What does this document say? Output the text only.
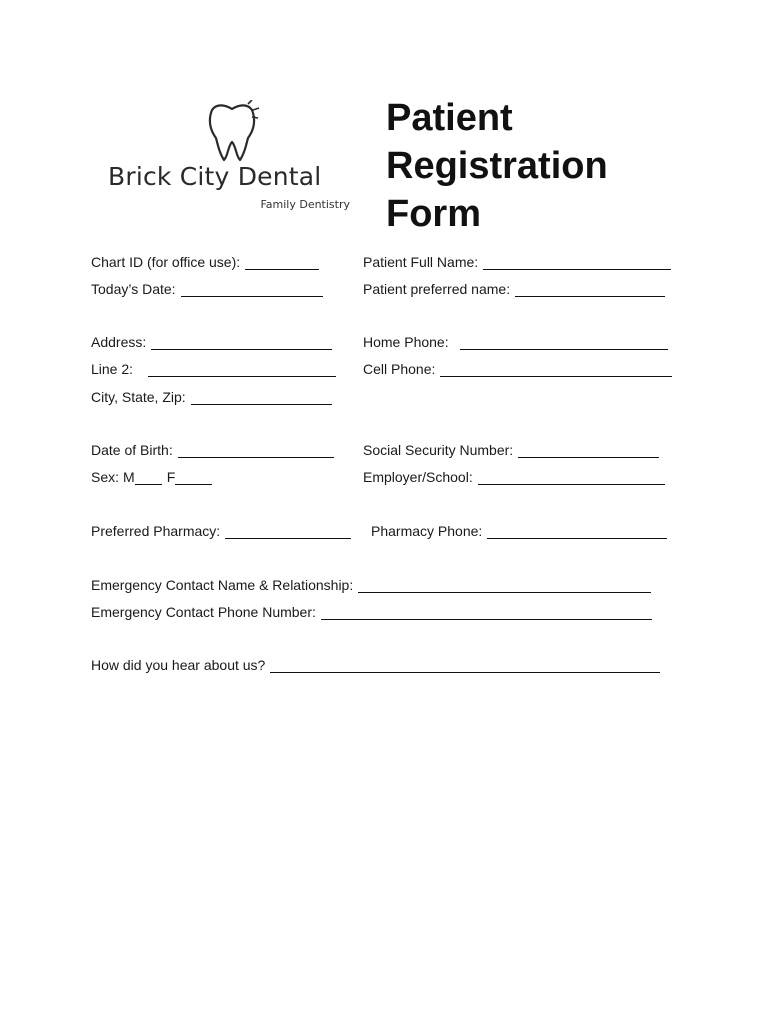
Brick City Dental
Family Dentistry
Patient
Registration
Form
Chart ID (for office use):	Patient Full Name:
Today’s Date:	Patient preferred name:
Address:	Home Phone:
Line 2:	Cell Phone:
City, State, Zip:
Date of Birth:	Social Security Number:
Sex: M F	Employer/School:
Preferred Pharmacy:	Pharmacy Phone:
Emergency Contact Name & Relationship:
Emergency Contact Phone Number:
How did you hear about us?
